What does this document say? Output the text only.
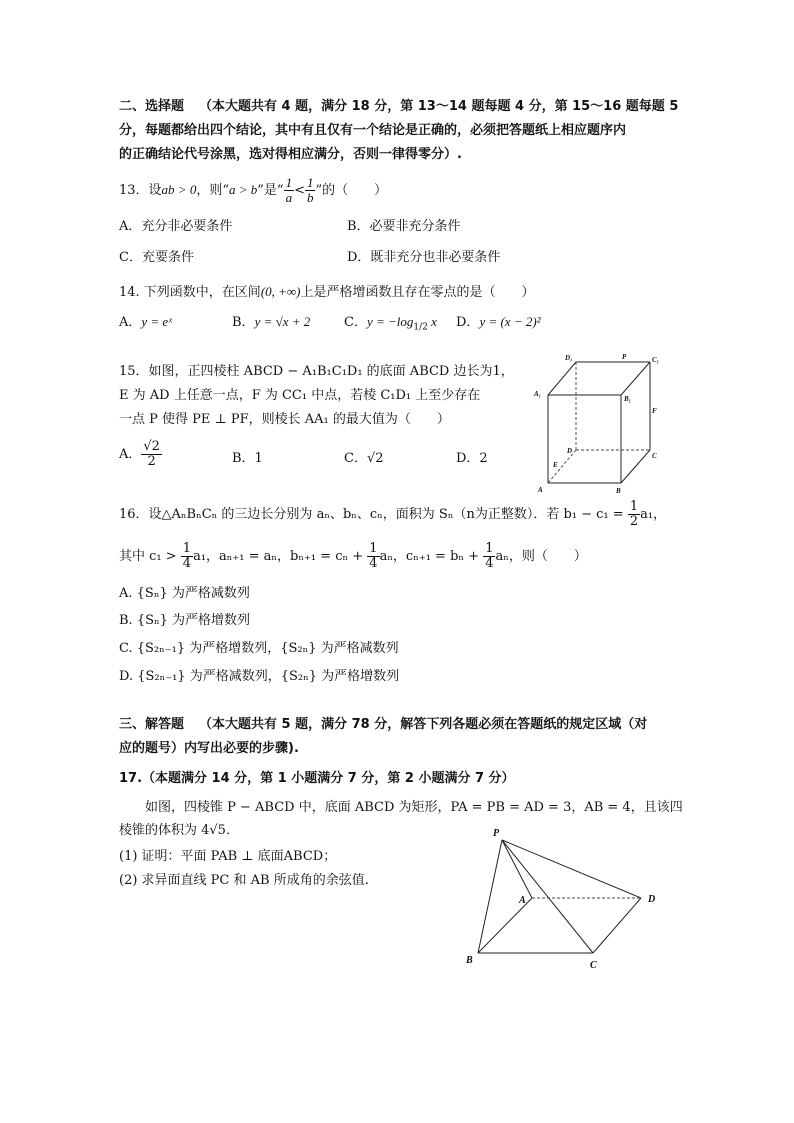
二、选择题 （本大题共有 4 题，满分 18 分，第 13～14 题每题 4 分，第 15～16 题每题 5
分，每题都给出四个结论，其中有且仅有一个结论是正确的，必须把答题纸上相应题序内
的正确结论代号涂黑，选对得相应满分，否则一律得零分）.
13．设ab > 0，则“a > b”是“ $\frac{1}{a} < \frac{1}{b}$ ”的（　　）
A．充分非必要条件	B．必要非充分条件
C．充要条件	D．既非充分也非必要条件
14. 下列函数中，在区间(0, +∞)上是严格增函数且存在零点的是（　　）
A．y = eˣ	B．y = √x + 2	C．$y = -\log_{1/2}$ x D．y = (x − 2)²
15．如图，正四棱柱 ABCD − A₁B₁C₁D₁ 的底面 ABCD 边长为1，
E 为 AD 上任意一点，F 为 CC₁ 中点，若棱 C₁D₁ 上至少存在
一点 P 使得 PE ⊥ PF，则棱长 AA₁ 的最大值为（　　）
A． $\frac{√2}{2}$	B．1	C．√2	D．2
D₁	P	C₁
A₁
B₁
F
D
C
E
A	B
16．设△AₙBₙCₙ 的三边长分别为 aₙ、bₙ、cₙ，面积为 Sₙ（n为正整数）．若 $b_1 - c_1 = \frac{1}{2} a_1$，
其中 $c_1 > \frac{1}{4} a_1$，aₙ₊₁ = aₙ，$b_{n+1} = c_n + \frac{1}{4}$ aₙ，$c_{n+1} = b_n + \frac{1}{4}$ aₙ，则（　　）
A. {Sₙ} 为严格减数列
B. {Sₙ} 为严格增数列
C. {S₂ₙ₋₁} 为严格增数列，{S₂ₙ} 为严格减数列
D. {S₂ₙ₋₁} 为严格减数列，{S₂ₙ} 为严格增数列
三、解答题 （本大题共有 5 题，满分 78 分，解答下列各题必须在答题纸的规定区域（对
应的题号）内写出必要的步骤).
17.（本题满分 14 分，第 1 小题满分 7 分，第 2 小题满分 7 分）
如图，四棱锥 P − ABCD 中，底面 ABCD 为矩形，PA = PB = AD = 3，AB = 4，且该四
棱锥的体积为 4√5．
(1) 证明：平面 PAB ⊥ 底面ABCD；
(2) 求异面直线 PC 和 AB 所成角的余弦值.
P
A	D
B	C
